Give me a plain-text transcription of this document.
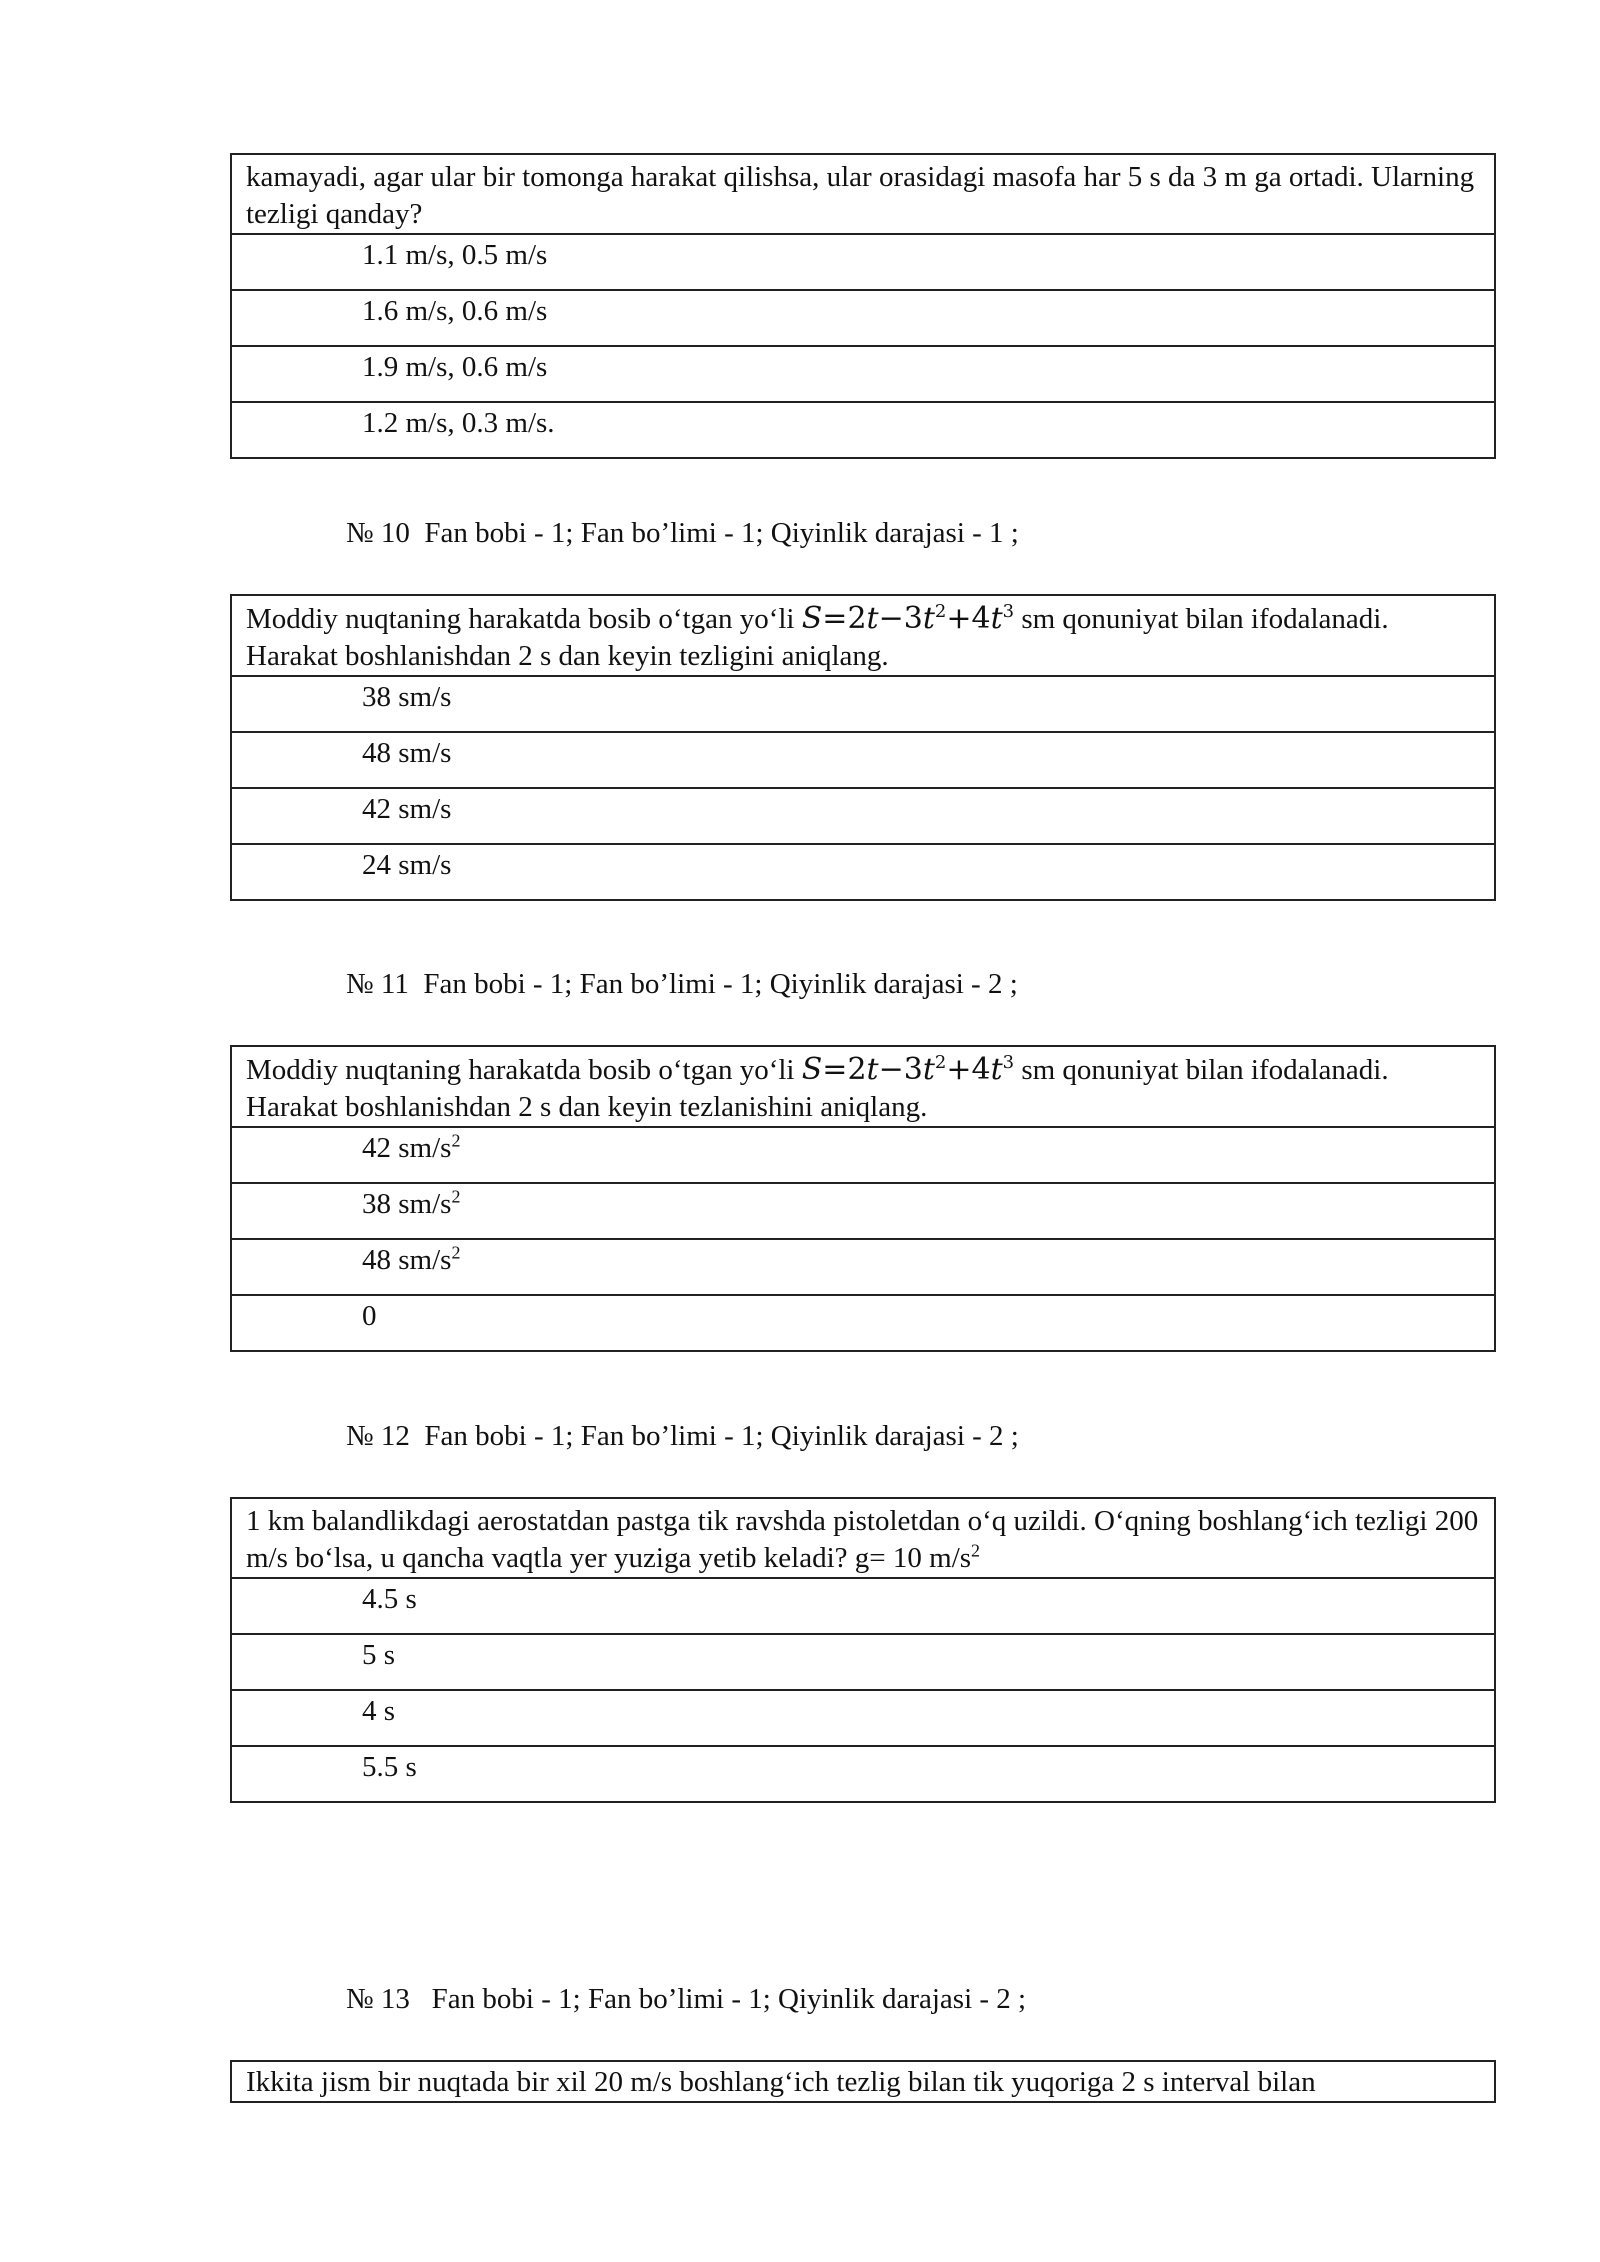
kamayadi, agar ular bir tomonga harakat qilishsa, ular orasidagi masofa har 5 s da 3 m ga ortadi. Ularning tezligi qanday?
1.1 m/s, 0.5 m/s
1.6 m/s, 0.6 m/s
1.9 m/s, 0.6 m/s
1.2 m/s, 0.3 m/s.
№ 10  Fan bobi - 1; Fan bo’limi - 1; Qiyinlik darajasi - 1 ;
Moddiy nuqtaning harakatda bosib o‘tgan yo‘li $S=2t-3t^2+4t^3$ sm qonuniyat bilan ifodalanadi. Harakat boshlanishdan 2 s dan keyin tezligini aniqlang.
38 sm/s
48 sm/s
42 sm/s
24 sm/s
№ 11  Fan bobi - 1; Fan bo’limi - 1; Qiyinlik darajasi - 2 ;
Moddiy nuqtaning harakatda bosib o‘tgan yo‘li $S=2t-3t^2+4t^3$ sm qonuniyat bilan ifodalanadi. Harakat boshlanishdan 2 s dan keyin tezlanishini aniqlang.
42 $sm/s^2$
38 $sm/s^2$
48 $sm/s^2$
0
№ 12  Fan bobi - 1; Fan bo’limi - 1; Qiyinlik darajasi - 2 ;
1 km balandlikdagi aerostatdan pastga tik ravshda pistoletdan o‘q uzildi. O‘qning boshlang‘ich tezligi 200 m/s bo‘lsa, u qancha vaqtla yer yuziga yetib keladi? g= 10 $m/s^2$
4.5 s
5 s
4 s
5.5 s
№ 13   Fan bobi - 1; Fan bo’limi - 1; Qiyinlik darajasi - 2 ;
Ikkita jism bir nuqtada bir xil 20 m/s boshlang‘ich tezlig bilan tik yuqoriga 2 s interval bilan
